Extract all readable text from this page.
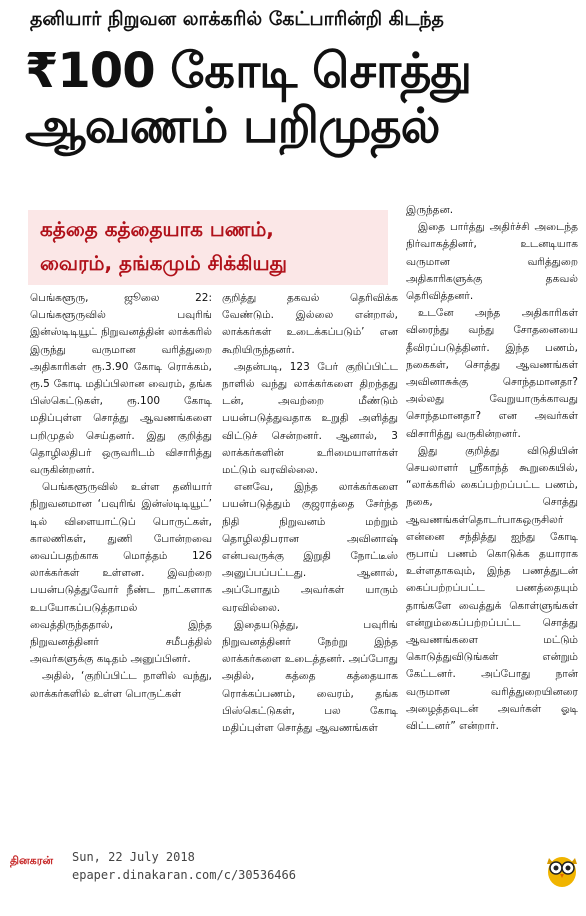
தனியார் நிறுவன லாக்கரில் கேட்பாரின்றி கிடந்த
₹100 கோடி சொத்து
ஆவணம் பறிமுதல்
கத்தை கத்தையாக பணம்,
வைரம், தங்கமும் சிக்கியது

பெங்களூரு, ஜூலை 22: பெங்களூருவில் பவுரிங் இன்ஸ்டிடியூட் நிறுவனத்தின் லாக்கரில் இருந்து வருமான வரித்துறை அதிகாரிகள் ரூ.3.90 கோடி ரொக்கம், ரூ.5 கோடி மதிப்பிலான வைரம், தங்க பிஸ்கெட்டுகள், ரூ.100 கோடி மதிப்புள்ள சொத்து ஆவணங்களை பறிமுதல் செய்தனர். இது குறித்து தொழிலதிபர் ஒருவரிடம் விசாரித்து வருகின்றனர்.

பெங்களூருவில் உள்ள தனியார் நிறுவனமான ‘பவுரிங் இன்ஸ்டிடியூட்’ டில் விளையாட்டுப் பொருட்கள், காலணிகள், துணி போன்றவை வைப்பதற்காக மொத்தம் 126 லாக்கர்கள் உள்ளன. இவற்றை பயன்படுத்துவோர் நீண்ட நாட்களாக உபயோகப்படுத்தாமல் வைத்திருந்ததால், இந்த நிறுவனத்தினர் சமீபத்தில் அவர்களுக்கு கடிதம் அனுப்பினர்.

அதில், ‘குறிப்பிட்ட நாளில் வந்து, லாக்கர்களில் உள்ள பொருட்கள்

குறித்து தகவல் தெரிவிக்க வேண்டும். இல்லை என்றால், லாக்கர்கள் உடைக்கப்படும்’ என கூறியிருந்தனர்.

அதன்படி, 123 பேர் குறிப்பிட்ட நாளில் வந்து லாக்கர்களை திறந்தது டன், அவற்றை மீண்டும் பயன்படுத்துவதாக உறுதி அளித்து விட்டுச் சென்றனர். ஆனால், 3 லாக்கர்களின் உரிமையாளர்கள் மட்டும் வரவில்லை.

எனவே, இந்த லாக்கர்களை பயன்படுத்தும் குஜராத்தை சேர்ந்த நிதி நிறுவனம் மற்றும் தொழிலதிபரான அவினாஷ் என்பவருக்கு இறுதி நோட்டீஸ் அனுப்பப்பட்டது. ஆனால், அப்போதும் அவர்கள் யாரும் வரவில்லை.

இதையடுத்து, பவுரிங் நிறுவனத்தினர் நேற்று இந்த லாக்கர்களை உடைத்தனர். அப்போது அதில், கத்தை கத்தையாக ரொக்கப்பணம், வைரம், தங்க பிஸ்கெட்டுகள், பல கோடி மதிப்புள்ள சொத்து ஆவணங்கள்

இருந்தன.

இதை பார்த்து அதிர்ச்சி அடைந்த நிர்வாகத்தினர், உடனடியாக வருமான வரித்துறை அதிகாரிகளுக்கு தகவல் தெரிவித்தனர்.

உடனே அந்த அதிகாரிகள் விரைந்து வந்து சோதனையை தீவிரப்படுத்தினர். இந்த பணம், நகைகள், சொத்து ஆவணங்கள் அவினாசுக்கு சொந்தமானதா? அல்லது வேறுயாருக்காவது சொந்தமானதா? என அவர்கள் விசாரித்து வருகின்றனர்.

இது குறித்து விடுதியின் செயலாளர் ஸ்ரீகாந்த் கூறுகையில், “லாக்கரில் கைப்பற்றப்பட்ட பணம், நகை, சொத்து ஆவணங்கள்தொடர்பாகஒருசிலர் என்னை சந்தித்து ஐந்து கோடி ரூபாய் பணம் கொடுக்க தயாராக உள்ளதாகவும், இந்த பணத்துடன் கைப்பற்றப்பட்ட பணத்தையும் தாங்களே வைத்துக் கொள்ளுங்கள் என்றும்கைப்பற்றப்பட்ட சொத்து ஆவணங்களை மட்டும் கொடுத்துவிடுங்கள் என்றும் கேட்டனர். அப்போது நான் வருமான வரித்துறையினரை அழைத்தவுடன் அவர்கள் ஓடி விட்டனர்” என்றார்.

தினகரன் Sun, 22 July 2018
epaper.dinakaran.com/c/30536466
